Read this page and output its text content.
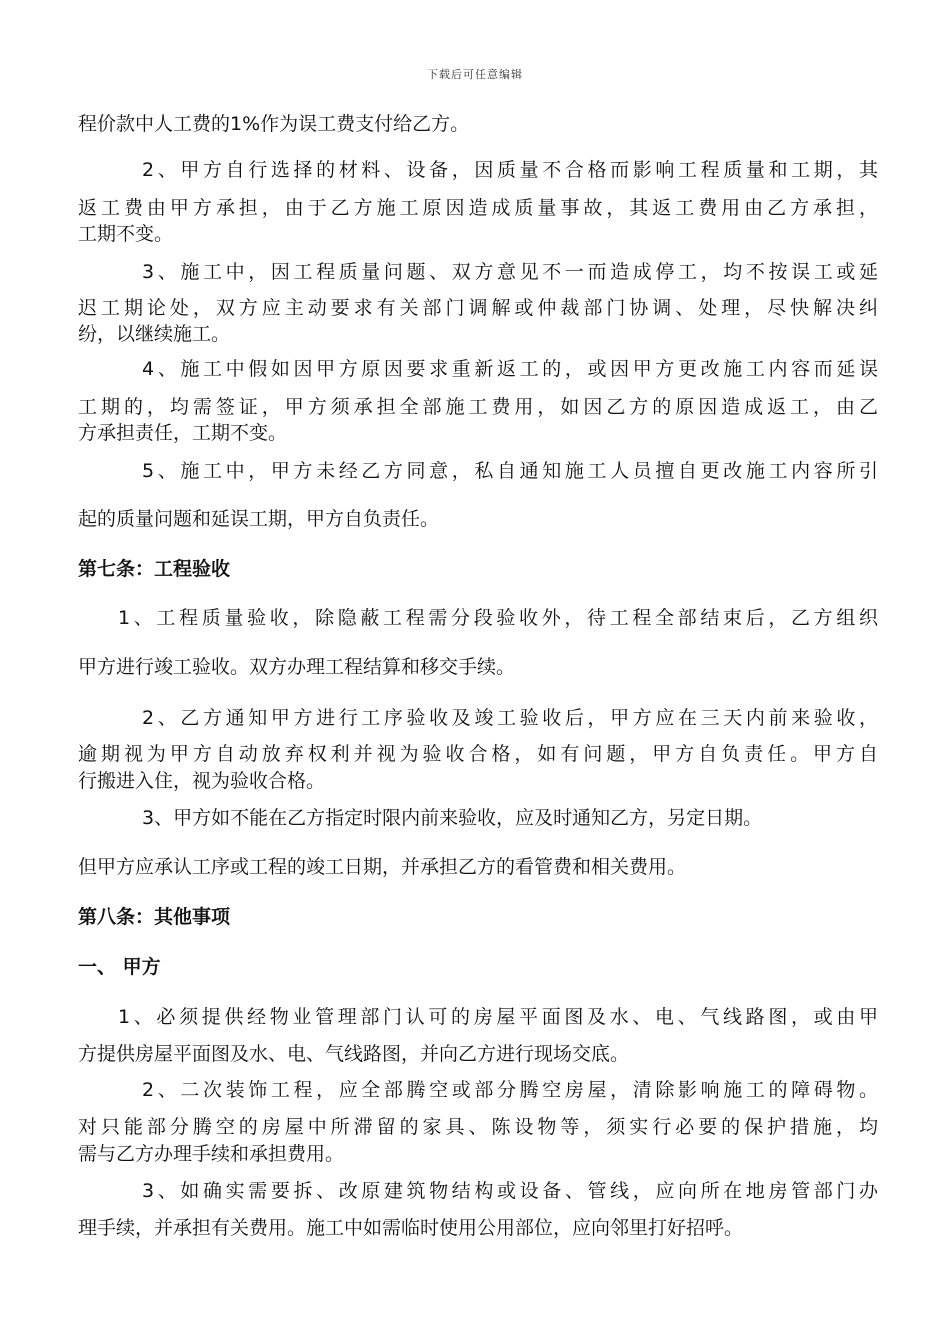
下载后可任意编辑
程价款中人工费的1%作为误工费支付给乙方。
2、甲方自行选择的材料、设备，因质量不合格而影响工程质量和工期，其
返工费由甲方承担，由于乙方施工原因造成质量事故，其返工费用由乙方承担，
工期不变。
3、施工中，因工程质量问题、双方意见不一而造成停工，均不按误工或延
迟工期论处，双方应主动要求有关部门调解或仲裁部门协调、处理，尽快解决纠
纷，以继续施工。
4、施工中假如因甲方原因要求重新返工的，或因甲方更改施工内容而延误
工期的，均需签证，甲方须承担全部施工费用，如因乙方的原因造成返工，由乙
方承担责任，工期不变。
5、施工中，甲方未经乙方同意，私自通知施工人员擅自更改施工内容所引
起的质量问题和延误工期，甲方自负责任。
第七条：工程验收
1、工程质量验收，除隐蔽工程需分段验收外，待工程全部结束后，乙方组织
甲方进行竣工验收。双方办理工程结算和移交手续。
2、乙方通知甲方进行工序验收及竣工验收后，甲方应在三天内前来验收，
逾期视为甲方自动放弃权利并视为验收合格，如有问题，甲方自负责任。甲方自
行搬进入住，视为验收合格。
3、甲方如不能在乙方指定时限内前来验收，应及时通知乙方，另定日期。
但甲方应承认工序或工程的竣工日期，并承担乙方的看管费和相关费用。
第八条：其他事项
一、 甲方
1、必须提供经物业管理部门认可的房屋平面图及水、电、气线路图，或由甲
方提供房屋平面图及水、电、气线路图，并向乙方进行现场交底。
2、二次装饰工程，应全部腾空或部分腾空房屋，清除影响施工的障碍物。
对只能部分腾空的房屋中所滞留的家具、陈设物等，须实行必要的保护措施，均
需与乙方办理手续和承担费用。
3、如确实需要拆、改原建筑物结构或设备、管线，应向所在地房管部门办
理手续，并承担有关费用。施工中如需临时使用公用部位，应向邻里打好招呼。
